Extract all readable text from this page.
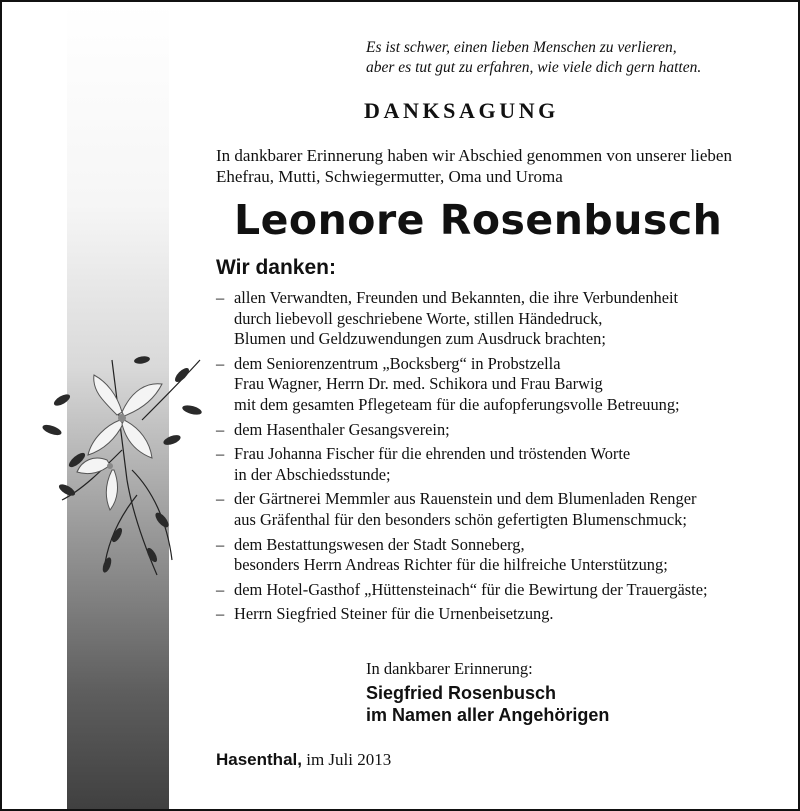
Es ist schwer, einen lieben Menschen zu verlieren,
aber es tut gut zu erfahren, wie viele dich gern hatten.
DANKSAGUNG
In dankbarer Erinnerung haben wir Abschied genommen von unserer lieben
Ehefrau, Mutti, Schwiegermutter, Oma und Uroma
Leonore Rosenbusch
Wir danken:
– allen Verwandten, Freunden und Bekannten, die ihre Verbundenheit
durch liebevoll geschriebene Worte, stillen Händedruck,
Blumen und Geldzuwendungen zum Ausdruck brachten;
– dem Seniorenzentrum „Bocksberg“ in Probstzella
Frau Wagner, Herrn Dr. med. Schikora und Frau Barwig
mit dem gesamten Pflegeteam für die aufopferungsvolle Betreuung;
– dem Hasenthaler Gesangsverein;
– Frau Johanna Fischer für die ehrenden und tröstenden Worte
in der Abschiedsstunde;
– der Gärtnerei Memmler aus Rauenstein und dem Blumenladen Renger
aus Gräfenthal für den besonders schön gefertigten Blumenschmuck;
– dem Bestattungswesen der Stadt Sonneberg,
besonders Herrn Andreas Richter für die hilfreiche Unterstützung;
– dem Hotel-Gasthof „Hüttensteinach“ für die Bewirtung der Trauergäste;
– Herrn Siegfried Steiner für die Urnenbeisetzung.
In dankbarer Erinnerung:
Siegfried Rosenbusch
im Namen aller Angehörigen
Hasenthal, im Juli 2013
